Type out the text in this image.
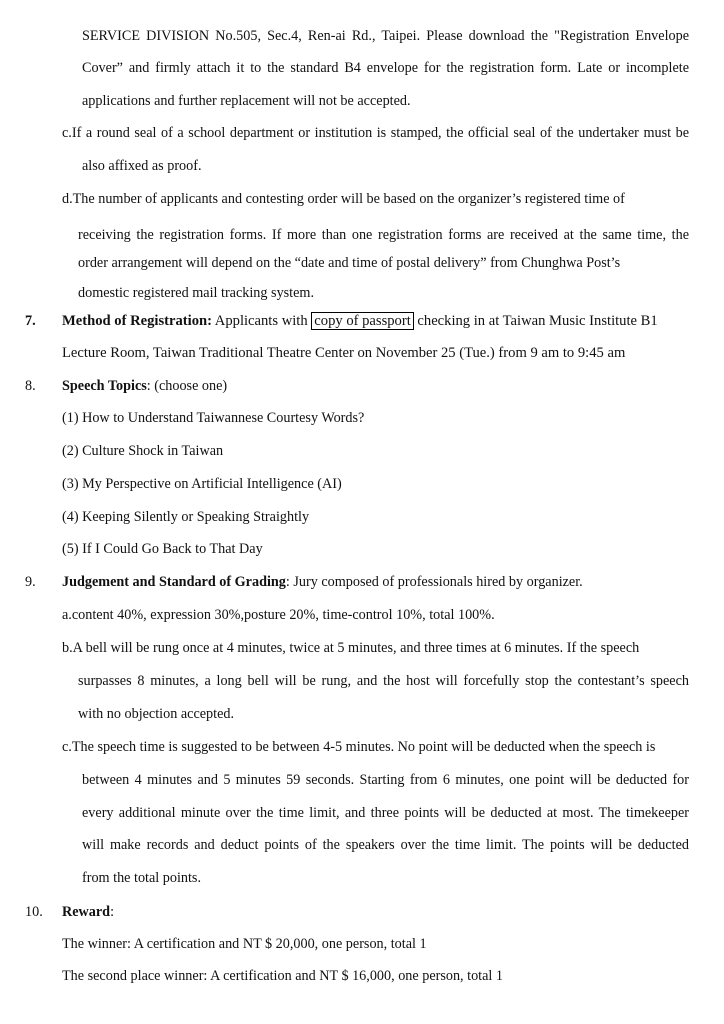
SERVICE DIVISION No.505, Sec.4, Ren-ai Rd., Taipei. Please download the "Registration Envelope
Cover” and firmly attach it to the standard B4 envelope for the registration form. Late or incomplete
applications and further replacement will not be accepted.
c.If a round seal of a school department or institution is stamped, the official seal of the undertaker must be
also affixed as proof.
d.The number of applicants and contesting order will be based on the organizer’s registered time of
receiving the registration forms. If more than one registration forms are received at the same time, the
order arrangement will depend on the “date and time of postal delivery” from Chunghwa Post’s
domestic registered mail tracking system.
7. Method of Registration: Applicants with copy of passport checking in at Taiwan Music Institute B1
Lecture Room, Taiwan Traditional Theatre Center on November 25 (Tue.) from 9 am to 9:45 am
8. Speech Topics: (choose one)
(1) How to Understand Taiwannese Courtesy Words?
(2) Culture Shock in Taiwan
(3) My Perspective on Artificial Intelligence (AI)
(4) Keeping Silently or Speaking Straightly
(5) If I Could Go Back to That Day
9. Judgement and Standard of Grading: Jury composed of professionals hired by organizer.
a.content 40%, expression 30%,posture 20%, time-control 10%, total 100%.
b.A bell will be rung once at 4 minutes, twice at 5 minutes, and three times at 6 minutes. If the speech
surpasses 8 minutes, a long bell will be rung, and the host will forcefully stop the contestant’s speech
with no objection accepted.
c.The speech time is suggested to be between 4-5 minutes. No point will be deducted when the speech is
between 4 minutes and 5 minutes 59 seconds. Starting from 6 minutes, one point will be deducted for
every additional minute over the time limit, and three points will be deducted at most. The timekeeper
will make records and deduct points of the speakers over the time limit. The points will be deducted
from the total points.
10. Reward:
The winner: A certification and NT $ 20,000, one person, total 1
The second place winner: A certification and NT $ 16,000, one person, total 1
